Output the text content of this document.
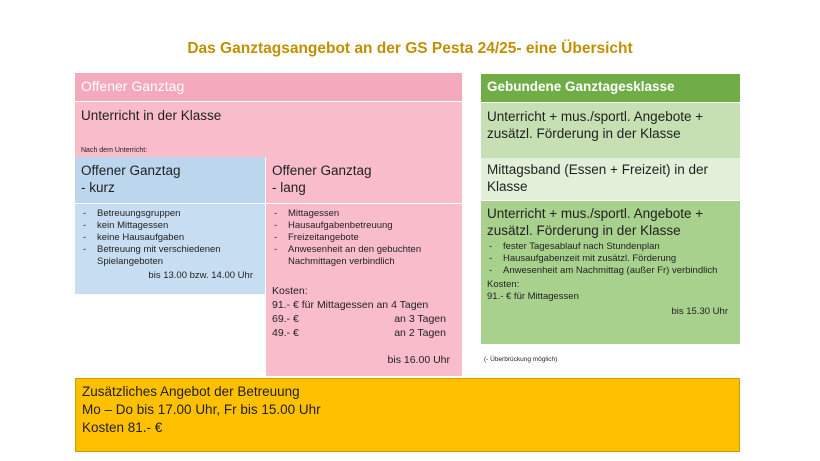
Das Ganztagsangebot an der GS Pesta 24/25- eine Übersicht
Offener Ganztag
Unterricht in der Klasse
Nach dem Unterricht:
Offener Ganztag
- kurz
- Betreuungsgruppen
- kein Mittagessen
- keine Hausaufgaben
- Betreuung mit verschiedenen Spielangeboten
bis 13.00 bzw. 14.00 Uhr
Offener Ganztag
- lang
- Mittagessen
- Hausaufgabenbetreuung
- Freizeitangebote
- Anwesenheit an den gebuchten Nachmittagen verbindlich
Kosten:
91.- € für Mittagessen an 4 Tagen
69.- €	an 3 Tagen
49.- €	an 2 Tagen
bis 16.00 Uhr
Gebundene Ganztagesklasse
Unterricht + mus./sportl. Angebote + zusätzl. Förderung in der Klasse
Mittagsband (Essen + Freizeit) in der Klasse
Unterricht + mus./sportl. Angebote + zusätzl. Förderung in der Klasse
- fester Tagesablauf nach Stundenplan
- Hausaufgabenzeit mit zusätzl. Förderung
- Anwesenheit am Nachmittag (außer Fr) verbindlich
Kosten:
91.- € für Mittagessen
bis 15.30 Uhr
(- Überbrückung möglich)
Zusätzliches Angebot der Betreuung
Mo – Do bis 17.00 Uhr, Fr bis 15.00 Uhr
Kosten 81.- €
